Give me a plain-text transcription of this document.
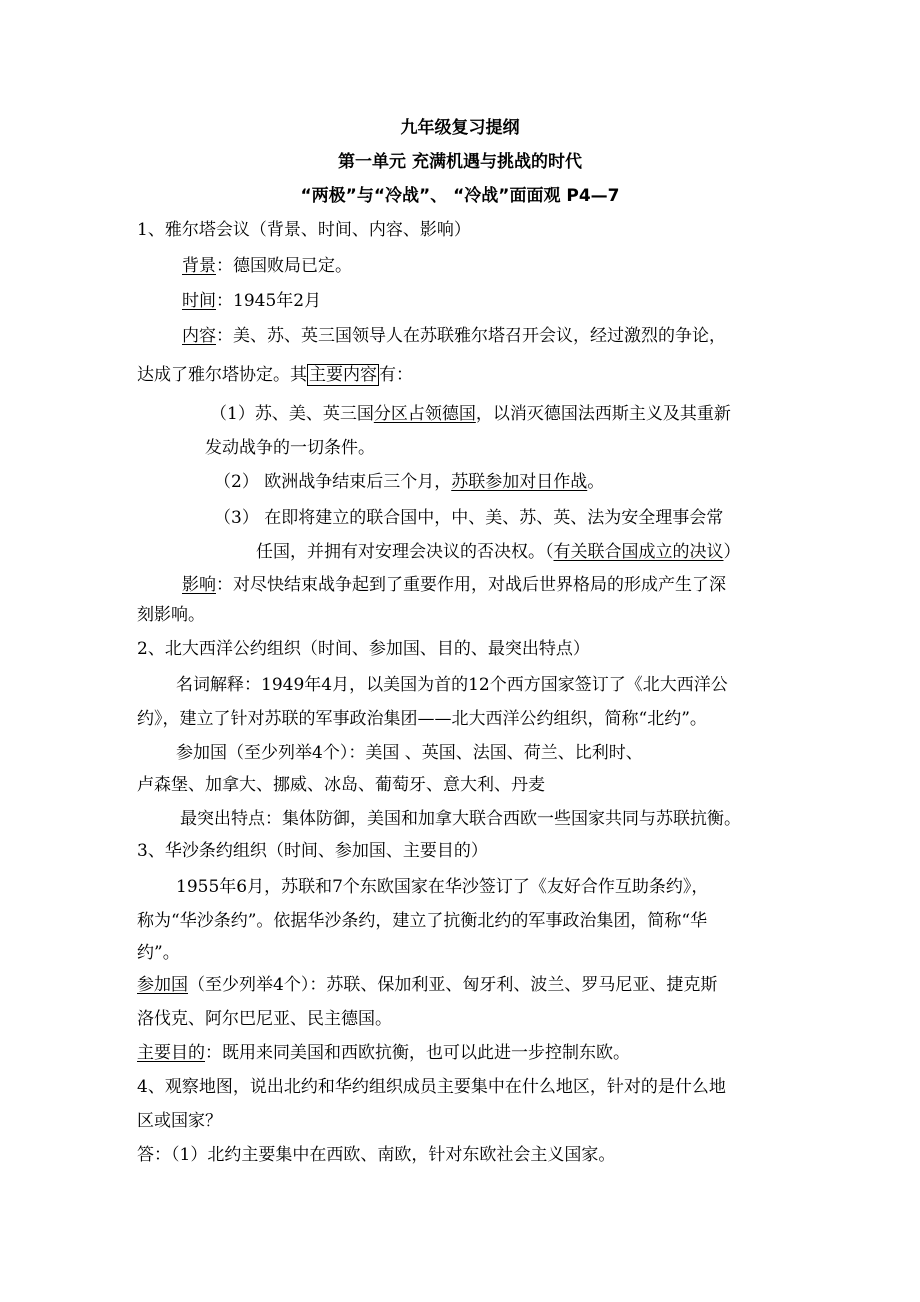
九年级复习提纲
第一单元 充满机遇与挑战的时代
“两极”与“冷战”、 “冷战”面面观 P4—7
1、雅尔塔会议（背景、时间、内容、影响）
背景：德国败局已定。
时间：1945年2月
内容：美、苏、英三国领导人在苏联雅尔塔召开会议，经过激烈的争论，
达成了雅尔塔协定。其 主要内容 有：
（1）苏、美、英三国分区占领德国，以消灭德国法西斯主义及其重新
发动战争的一切条件。
（2） 欧洲战争结束后三个月，苏联参加对日作战。
（3） 在即将建立的联合国中，中、美、苏、英、法为安全理事会常
任国，并拥有对安理会决议的否决权。（有关联合国成立的决议）
影响：对尽快结束战争起到了重要作用，对战后世界格局的形成产生了深
刻影响。
2、北大西洋公约组织（时间、参加国、目的、最突出特点）
名词解释：1949年4月，以美国为首的12个西方国家签订了《北大西洋公
约》，建立了针对苏联的军事政治集团——北大西洋公约组织，简称“北约”。
参加国（至少列举4个）：美国 、英国、法国、荷兰、比利时、
卢森堡、加拿大、挪威、冰岛、葡萄牙、意大利、丹麦
最突出特点：集体防御，美国和加拿大联合西欧一些国家共同与苏联抗衡。
3、华沙条约组织（时间、参加国、主要目的）
1955年6月，苏联和7个东欧国家在华沙签订了《友好合作互助条约》，
称为“华沙条约”。依据华沙条约，建立了抗衡北约的军事政治集团，简称“华
约”。
参加国（至少列举4个）：苏联、保加利亚、匈牙利、波兰、罗马尼亚、捷克斯
洛伐克、阿尔巴尼亚、民主德国。
主要目的：既用来同美国和西欧抗衡，也可以此进一步控制东欧。
4、观察地图，说出北约和华约组织成员主要集中在什么地区，针对的是什么地
区或国家？
答：（1）北约主要集中在西欧、南欧，针对东欧社会主义国家。
